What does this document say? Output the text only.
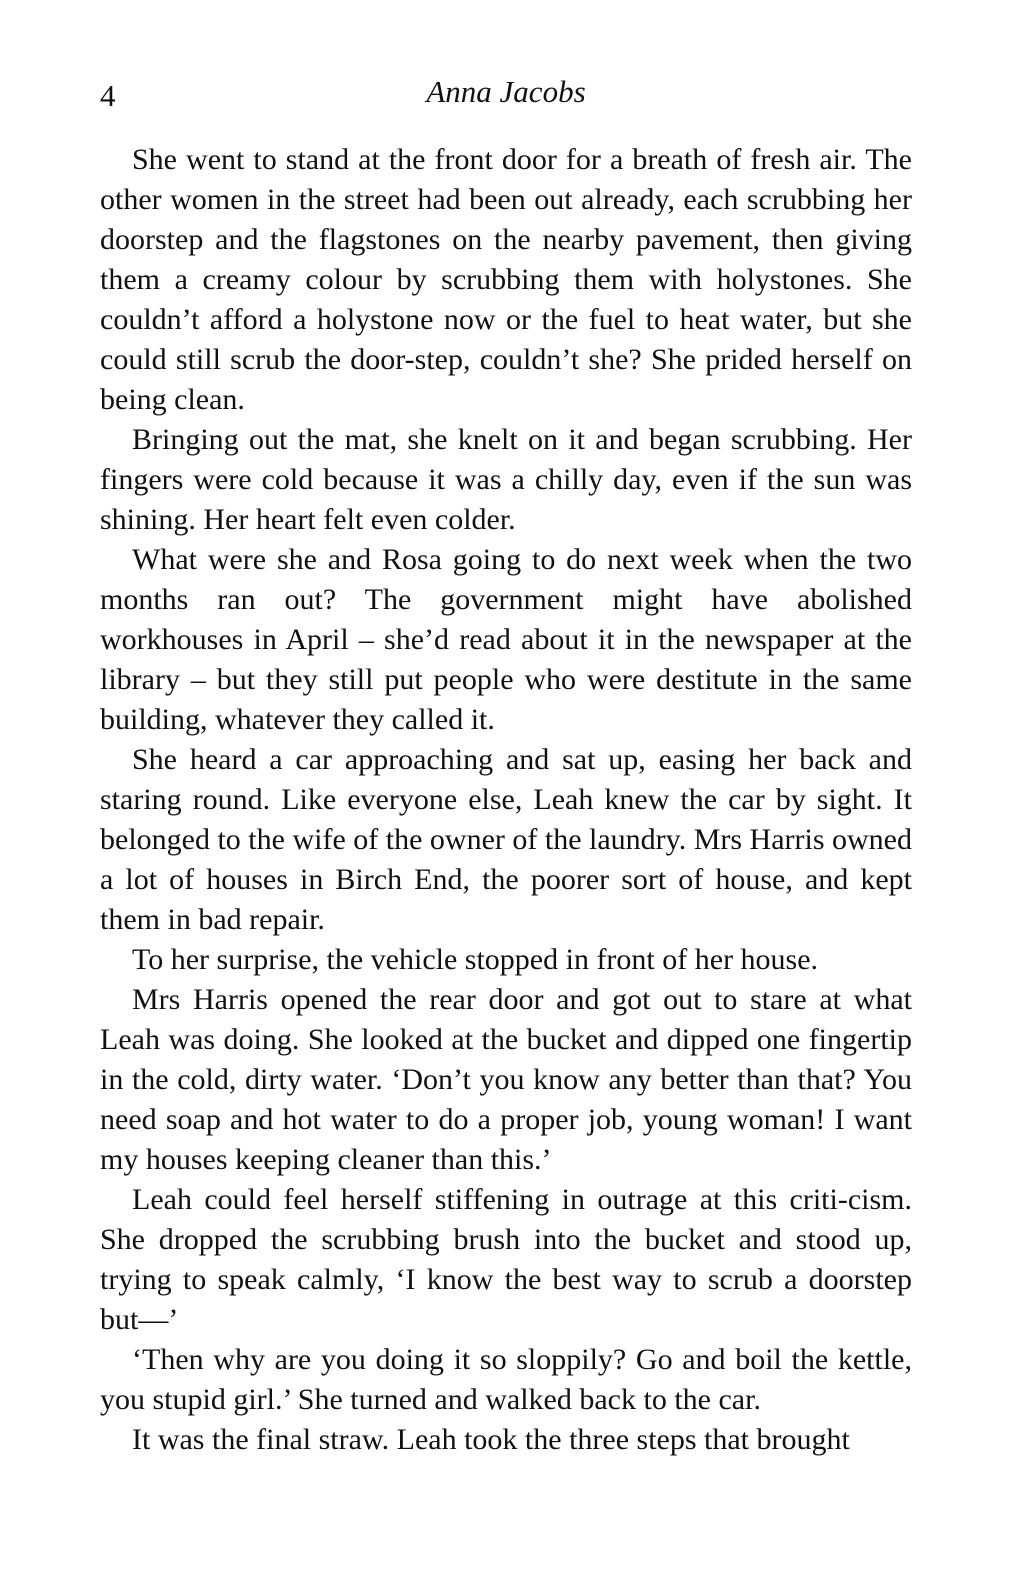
4	Anna Jacobs

She went to stand at the front door for a breath of fresh air. The other women in the street had been out already, each scrubbing her doorstep and the flagstones on the nearby pavement, then giving them a creamy colour by scrubbing them with holystones. She couldn’t afford a holystone now or the fuel to heat water, but she could still scrub the door-step, couldn’t she? She prided herself on being clean.

Bringing out the mat, she knelt on it and began scrubbing. Her fingers were cold because it was a chilly day, even if the sun was shining. Her heart felt even colder.

What were she and Rosa going to do next week when the two months ran out? The government might have abolished workhouses in April – she’d read about it in the newspaper at the library – but they still put people who were destitute in the same building, whatever they called it.

She heard a car approaching and sat up, easing her back and staring round. Like everyone else, Leah knew the car by sight. It belonged to the wife of the owner of the laundry. Mrs Harris owned a lot of houses in Birch End, the poorer sort of house, and kept them in bad repair.

To her surprise, the vehicle stopped in front of her house.

Mrs Harris opened the rear door and got out to stare at what Leah was doing. She looked at the bucket and dipped one fingertip in the cold, dirty water. ‘Don’t you know any better than that? You need soap and hot water to do a proper job, young woman! I want my houses keeping cleaner than this.’

Leah could feel herself stiffening in outrage at this criti-cism. She dropped the scrubbing brush into the bucket and stood up, trying to speak calmly, ‘I know the best way to scrub a doorstep but—’

‘Then why are you doing it so sloppily? Go and boil the kettle, you stupid girl.’ She turned and walked back to the car.

It was the final straw. Leah took the three steps that brought
